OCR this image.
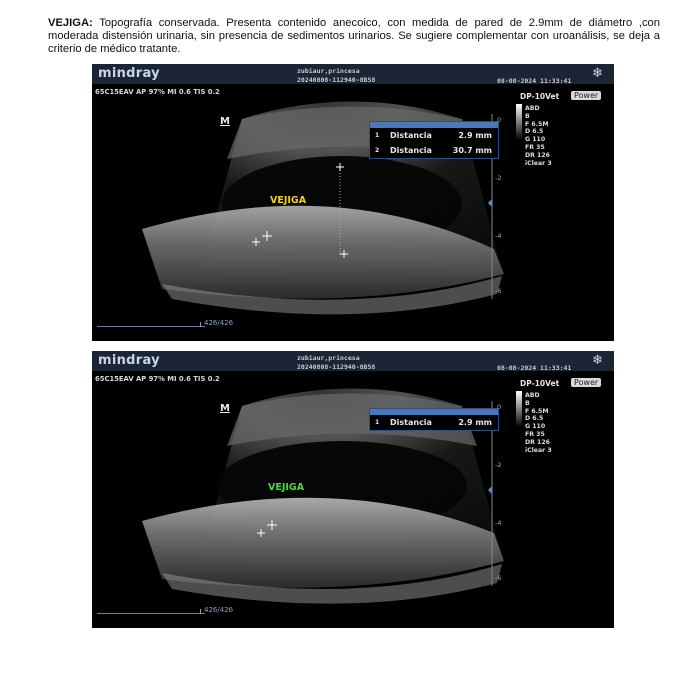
VEJIGA: Topografía conservada. Presenta contenido anecoico, con medida de pared de 2.9mm de diámetro ,con moderada distensión urinaria, sin presencia de sedimentos urinarios. Se sugiere complementar con uroanálisis, se deja a criterio de médico tratante.
mindray	zubiaur,princesa
20240808-112940-8B58	08-08-2024 11:33:41
❄
65C15EAV AP 97% MI 0.6 TIS 0.2	DP-10Vet	Power
ABD
B
F 6.5M
D 6.5
G 110
FR 35
DR 126
iClear 3
M
1 Distancia	2.9 mm
2 Distancia	30.7 mm
VEJIGA
0
-2
-4
-6
426/426
mindray	zubiaur,princesa
20240808-112940-8B58	08-08-2024 11:33:41
❄
65C15EAV AP 97% MI 0.6 TIS 0.2	DP-10Vet	Power
ABD
B
F 6.5M
D 6.5
G 110
FR 35
DR 126
iClear 3
M
1 Distancia	2.9 mm
VEJIGA
0
-2
-4
-6
426/426
